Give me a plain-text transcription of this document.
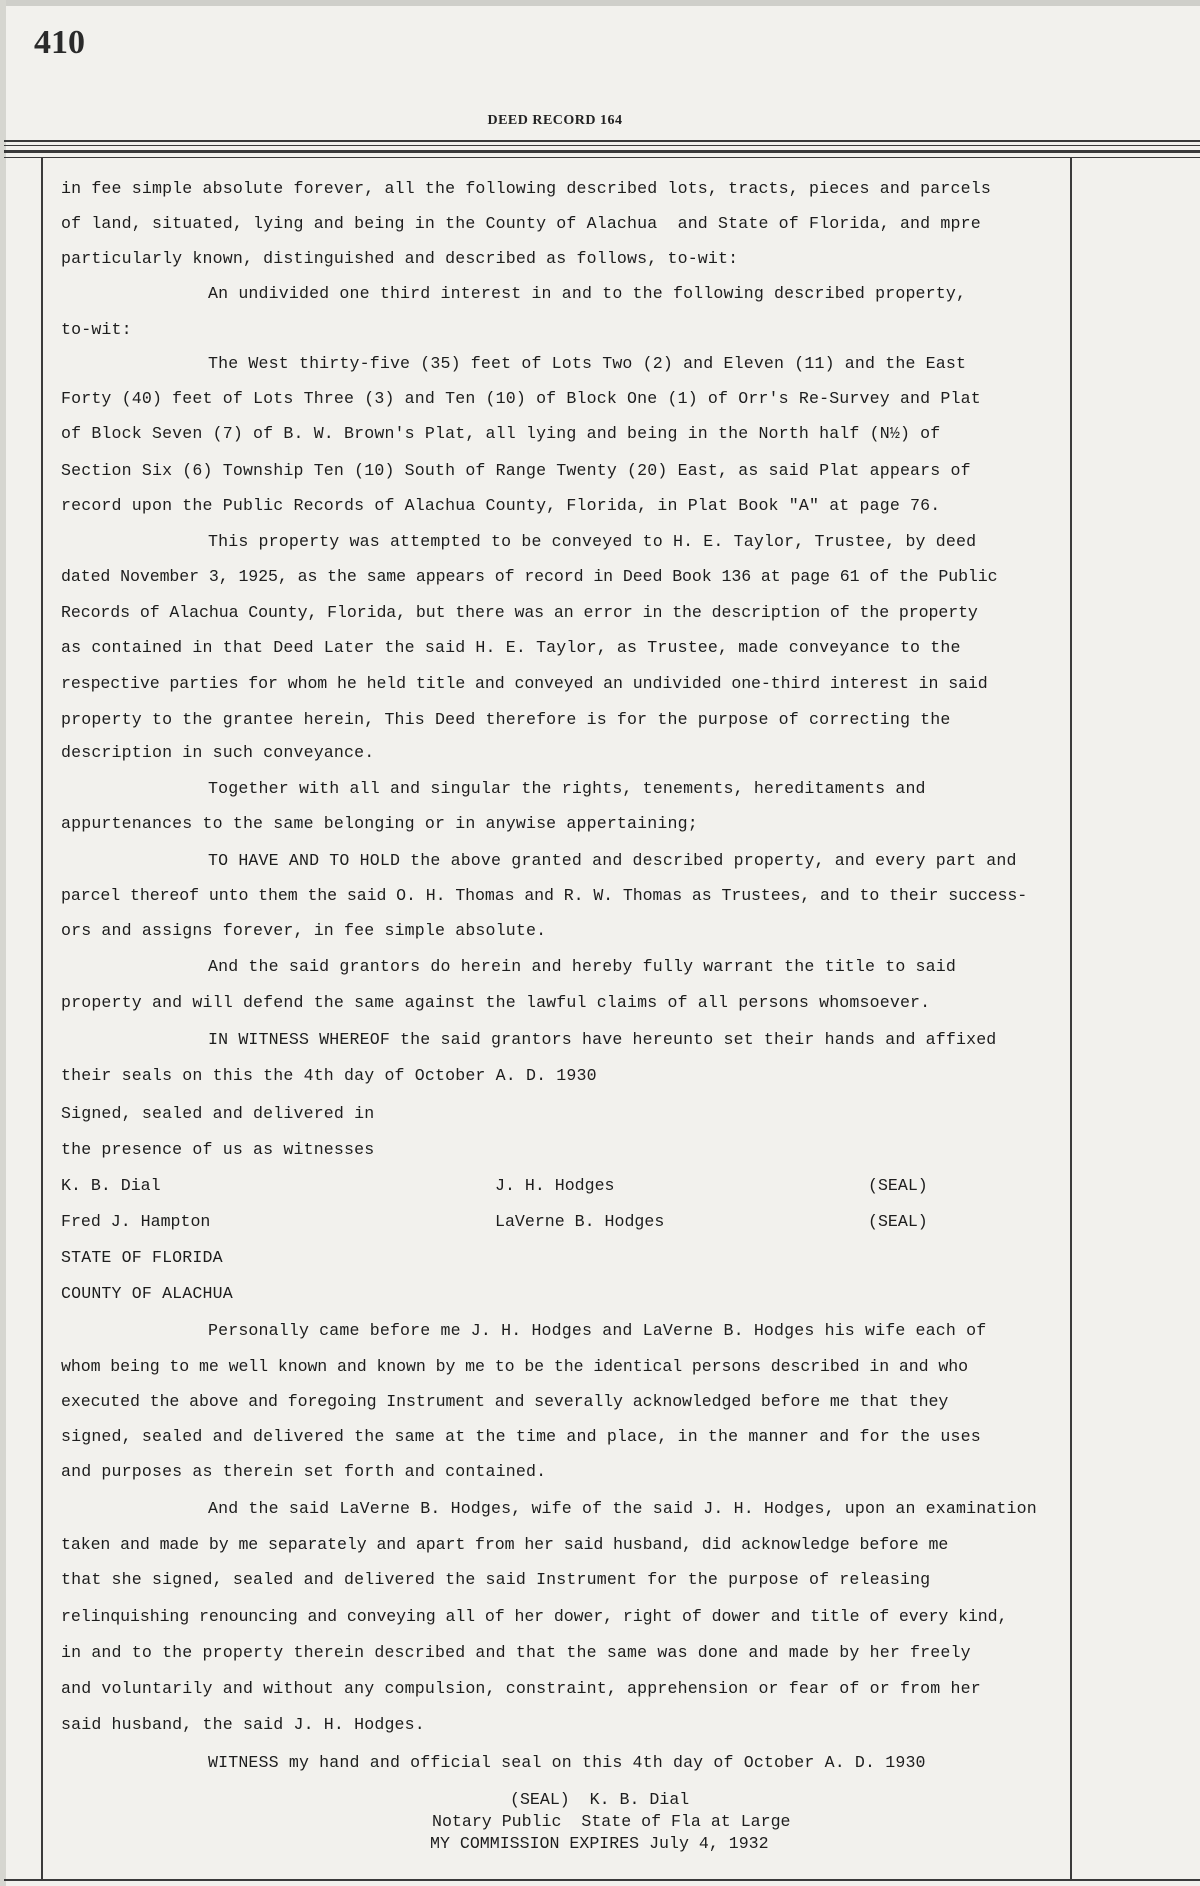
410
DEED RECORD 164
in fee simple absolute forever, all the following described lots, tracts, pieces and parcels
of land, situated, lying and being in the County of Alachua  and State of Florida, and mpre
particularly known, distinguished and described as follows, to-wit:
An undivided one third interest in and to the following described property,
to-wit:
The West thirty-five (35) feet of Lots Two (2) and Eleven (11) and the East
Forty (40) feet of Lots Three (3) and Ten (10) of Block One (1) of Orr's Re-Survey and Plat
of Block Seven (7) of B. W. Brown's Plat, all lying and being in the North half (N½) of
Section Six (6) Township Ten (10) South of Range Twenty (20) East, as said Plat appears of
record upon the Public Records of Alachua County, Florida, in Plat Book "A" at page 76.
This property was attempted to be conveyed to H. E. Taylor, Trustee, by deed
dated November 3, 1925, as the same appears of record in Deed Book 136 at page 61 of the Public
Records of Alachua County, Florida, but there was an error in the description of the property
as contained in that Deed Later the said H. E. Taylor, as Trustee, made conveyance to the
respective parties for whom he held title and conveyed an undivided one-third interest in said
property to the grantee herein, This Deed therefore is for the purpose of correcting the
description in such conveyance.
Together with all and singular the rights, tenements, hereditaments and
appurtenances to the same belonging or in anywise appertaining;
TO HAVE AND TO HOLD the above granted and described property, and every part and
parcel thereof unto them the said O. H. Thomas and R. W. Thomas as Trustees, and to their success-
ors and assigns forever, in fee simple absolute.
And the said grantors do herein and hereby fully warrant the title to said
property and will defend the same against the lawful claims of all persons whomsoever.
IN WITNESS WHEREOF the said grantors have hereunto set their hands and affixed
their seals on this the 4th day of October A. D. 1930
Signed, sealed and delivered in
the presence of us as witnesses
K. B. Dial	J. H. Hodges	(SEAL)
Fred J. Hampton	LaVerne B. Hodges	(SEAL)
STATE OF FLORIDA
COUNTY OF ALACHUA
Personally came before me J. H. Hodges and LaVerne B. Hodges his wife each of
whom being to me well known and known by me to be the identical persons described in and who
executed the above and foregoing Instrument and severally acknowledged before me that they
signed, sealed and delivered the same at the time and place, in the manner and for the uses
and purposes as therein set forth and contained.
And the said LaVerne B. Hodges, wife of the said J. H. Hodges, upon an examination
taken and made by me separately and apart from her said husband, did acknowledge before me
that she signed, sealed and delivered the said Instrument for the purpose of releasing
relinquishing renouncing and conveying all of her dower, right of dower and title of every kind,
in and to the property therein described and that the same was done and made by her freely
and voluntarily and without any compulsion, constraint, apprehension or fear of or from her
said husband, the said J. H. Hodges.
WITNESS my hand and official seal on this 4th day of October A. D. 1930
(SEAL)  K. B. Dial
Notary Public  State of Fla at Large
MY COMMISSION EXPIRES July 4, 1932
